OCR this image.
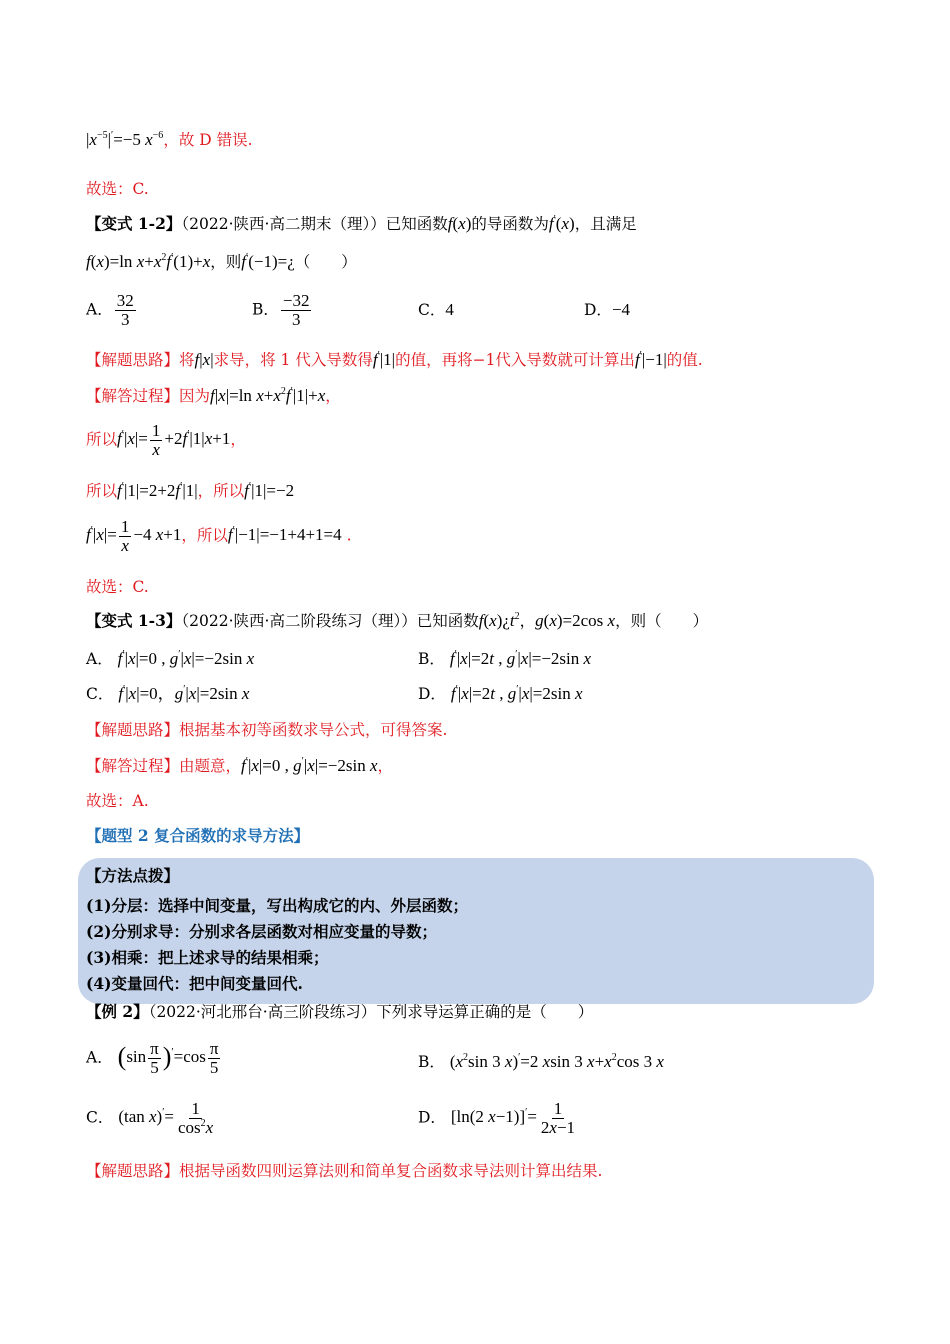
$|x^{-5}|'=-5$ $x^{-6}$，故 D 错误.
故选：C.
【变式 1-2】（2022·陕西·高二期末（理））已知函数f(x)的导函数为f′(x)，且满足
f(x)=ln $x+x^2f'(1)+x$，则f′(−1)=¿（　　）
A． $\frac{32}{3}$	B． $\frac{-32}{3}$	C．4	D．−4
【解题思路】将f|x|求导，将 1 代入导数得f′|1|的值，再将−1代入导数就可计算出f′|−1|的值.
【解答过程】因为f|x|=ln $x+x^2f'|1|+x$，
所以$f'|x|= \frac{1}{x} +2f'|1|x+1$，
所以f′|1|=2+2f′|1|，所以f′|1|=−2
$f'|x|= \frac{1}{x} -4$ x+1，所以f′|−1|=−1+4+1=4 .
故选：C.
【变式 1-3】（2022·陕西·高二阶段练习（理））已知函数$f(x)¿t^2$，g(x)=2cos x，则（　　）
A． f′|x|=0 , g′|x|=−2sin x	B． f′|x|=2t , g′|x|=−2sin x
C． f′|x|=0，g′|x|=2sin x	D． f′|x|=2t , g′|x|=2sin x
【解题思路】根据基本初等函数求导公式，可得答案.
【解答过程】由题意，f′|x|=0 , g′|x|=−2sin x，
故选：A.
【题型 2 复合函数的求导方法】
【方法点拨】
(1)分层：选择中间变量，写出构成它的内、外层函数；
(2)分别求导：分别求各层函数对相应变量的导数；
(3)相乘：把上述求导的结果相乘；
(4)变量回代：把中间变量回代.
【例 2】（2022·河北邢台·高三阶段练习）下列求导运算正确的是（　　）
A． $(\sin \frac{\pi}{5} )'=\cos \frac{\pi}{5}$	B． ($x^2\sin$ 3 x)′=2 xsin 3 $x+x^2\cos$ 3 x
C． (tan $x)'= \frac{1}{\cos^2x}$	D． [ln(2 $x-1)]'= \frac{1}{2x-1}$
【解题思路】根据导函数四则运算法则和简单复合函数求导法则计算出结果.
